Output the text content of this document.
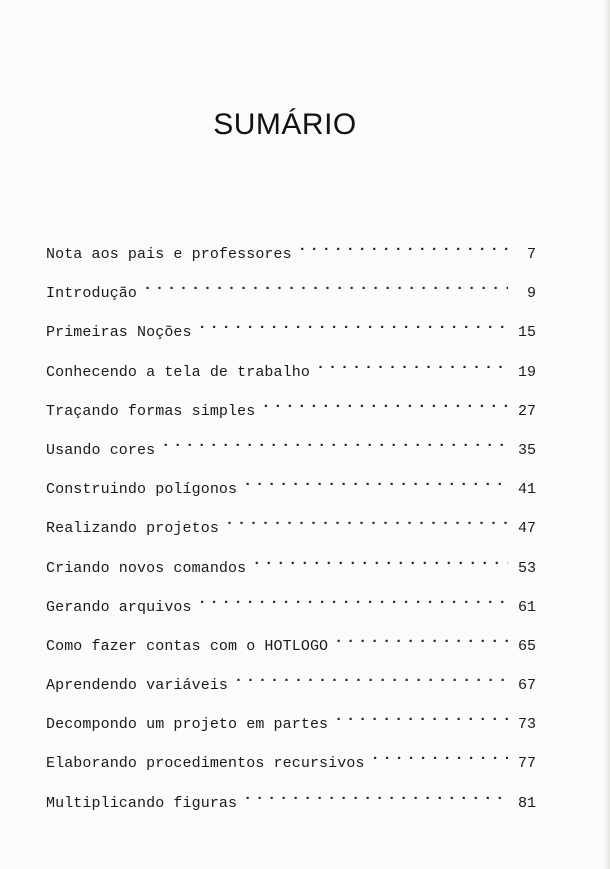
SUMÁRIO
Nota aos pais e professores . . .	7
Introdução . . .	9
Primeiras Noções . . .	15
Conhecendo a tela de trabalho . . .	19
Traçando formas simples . . .	27
Usando cores . . .	35
Construindo polígonos . . .	41
Realizando projetos . . .	47
Criando novos comandos . . .	53
Gerando arquivos . . .	61
Como fazer contas com o HOTLOGO . . .	65
Aprendendo variáveis . . .	67
Decompondo um projeto em partes . . .	73
Elaborando procedimentos recursivos . . .	77
Multiplicando figuras . . .	81
